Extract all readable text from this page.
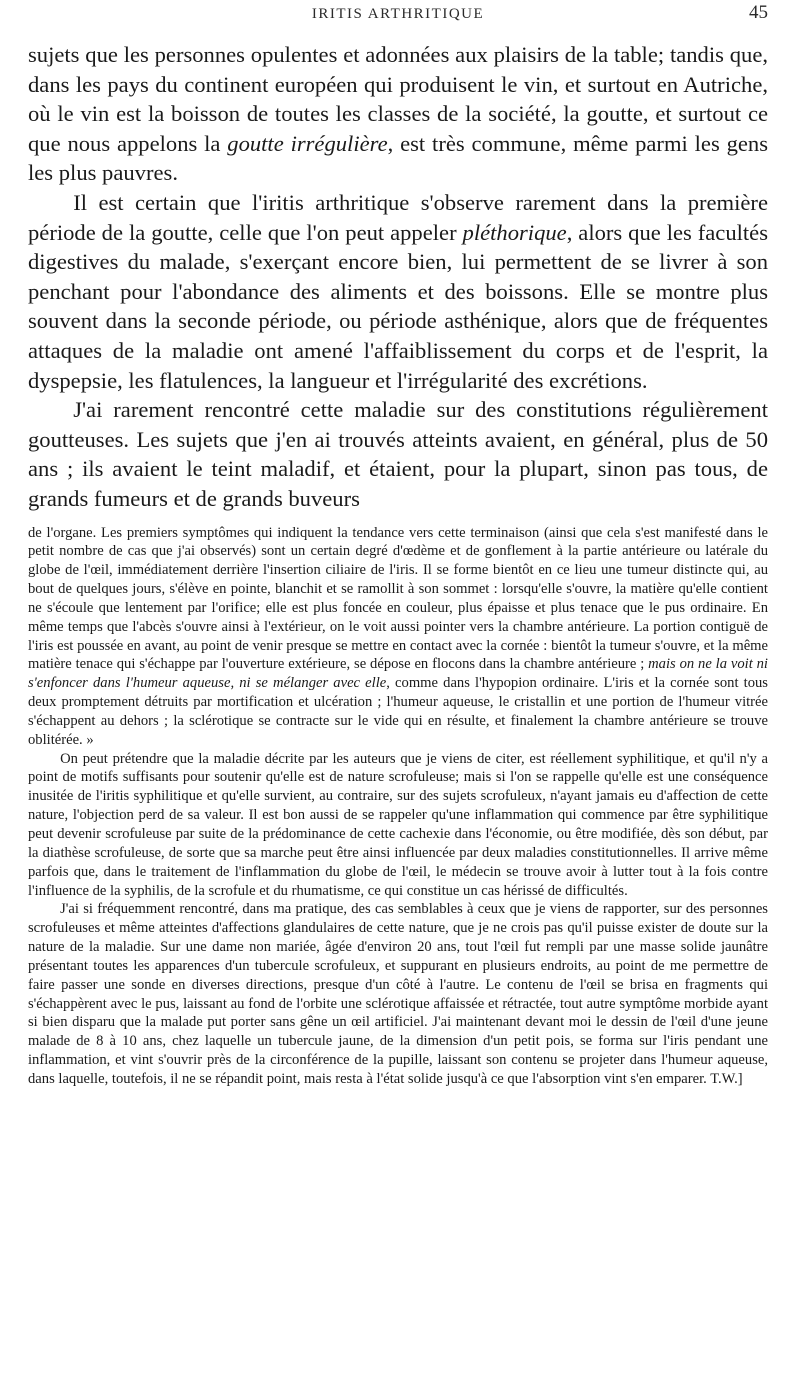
IRITIS ARTHRITIQUE	45

sujets que les personnes opulentes et adonnées aux plaisirs de la table; tandis que, dans les pays du continent européen qui produisent le vin, et surtout en Autriche, où le vin est la boisson de toutes les classes de la société, la goutte, et surtout ce que nous appelons la goutte irrégulière, est très commune, même parmi les gens les plus pauvres.

Il est certain que l'iritis arthritique s'observe rarement dans la première période de la goutte, celle que l'on peut appeler pléthorique, alors que les facultés digestives du malade, s'exerçant encore bien, lui permettent de se livrer à son penchant pour l'abondance des aliments et des boissons. Elle se montre plus souvent dans la seconde période, ou période asthénique, alors que de fréquentes attaques de la maladie ont amené l'affaiblissement du corps et de l'esprit, la dyspepsie, les flatulences, la langueur et l'irrégularité des excrétions.

J'ai rarement rencontré cette maladie sur des constitutions régulièrement goutteuses. Les sujets que j'en ai trouvés atteints avaient, en général, plus de 50 ans ; ils avaient le teint maladif, et étaient, pour la plupart, sinon pas tous, de grands fumeurs et de grands buveurs

de l'organe. Les premiers symptômes qui indiquent la tendance vers cette terminaison (ainsi que cela s'est manifesté dans le petit nombre de cas que j'ai observés) sont un certain degré d'œdème et de gonflement à la partie antérieure ou latérale du globe de l'œil, immédiatement derrière l'insertion ciliaire de l'iris. Il se forme bientôt en ce lieu une tumeur distincte qui, au bout de quelques jours, s'élève en pointe, blanchit et se ramollit à son sommet : lorsqu'elle s'ouvre, la matière qu'elle contient ne s'écoule que lentement par l'orifice; elle est plus foncée en couleur, plus épaisse et plus tenace que le pus ordinaire. En même temps que l'abcès s'ouvre ainsi à l'extérieur, on le voit aussi pointer vers la chambre antérieure. La portion contiguë de l'iris est poussée en avant, au point de venir presque se mettre en contact avec la cornée : bientôt la tumeur s'ouvre, et la même matière tenace qui s'échappe par l'ouverture extérieure, se dépose en flocons dans la chambre antérieure ; mais on ne la voit ni s'enfoncer dans l'humeur aqueuse, ni se mélanger avec elle, comme dans l'hypopion ordinaire. L'iris et la cornée sont tous deux promptement détruits par mortification et ulcération ; l'humeur aqueuse, le cristallin et une portion de l'humeur vitrée s'échappent au dehors ; la sclérotique se contracte sur le vide qui en résulte, et finalement la chambre antérieure se trouve oblitérée. »

On peut prétendre que la maladie décrite par les auteurs que je viens de citer, est réellement syphilitique, et qu'il n'y a point de motifs suffisants pour soutenir qu'elle est de nature scrofuleuse; mais si l'on se rappelle qu'elle est une conséquence inusitée de l'iritis syphilitique et qu'elle survient, au contraire, sur des sujets scrofuleux, n'ayant jamais eu d'affection de cette nature, l'objection perd de sa valeur. Il est bon aussi de se rappeler qu'une inflammation qui commence par être syphilitique peut devenir scrofuleuse par suite de la prédominance de cette cachexie dans l'économie, ou être modifiée, dès son début, par la diathèse scrofuleuse, de sorte que sa marche peut être ainsi influencée par deux maladies constitutionnelles. Il arrive même parfois que, dans le traitement de l'inflammation du globe de l'œil, le médecin se trouve avoir à lutter tout à la fois contre l'influence de la syphilis, de la scrofule et du rhumatisme, ce qui constitue un cas hérissé de difficultés.

J'ai si fréquemment rencontré, dans ma pratique, des cas semblables à ceux que je viens de rapporter, sur des personnes scrofuleuses et même atteintes d'affections glandulaires de cette nature, que je ne crois pas qu'il puisse exister de doute sur la nature de la maladie. Sur une dame non mariée, âgée d'environ 20 ans, tout l'œil fut rempli par une masse solide jaunâtre présentant toutes les apparences d'un tubercule scrofuleux, et suppurant en plusieurs endroits, au point de me permettre de faire passer une sonde en diverses directions, presque d'un côté à l'autre. Le contenu de l'œil se brisa en fragments qui s'échappèrent avec le pus, laissant au fond de l'orbite une sclérotique affaissée et rétractée, tout autre symptôme morbide ayant si bien disparu que la malade put porter sans gêne un œil artificiel. J'ai maintenant devant moi le dessin de l'œil d'une jeune malade de 8 à 10 ans, chez laquelle un tubercule jaune, de la dimension d'un petit pois, se forma sur l'iris pendant une inflammation, et vint s'ouvrir près de la circonférence de la pupille, laissant son contenu se projeter dans l'humeur aqueuse, dans laquelle, toutefois, il ne se répandit point, mais resta à l'état solide jusqu'à ce que l'absorption vint s'en emparer. T.W.]
